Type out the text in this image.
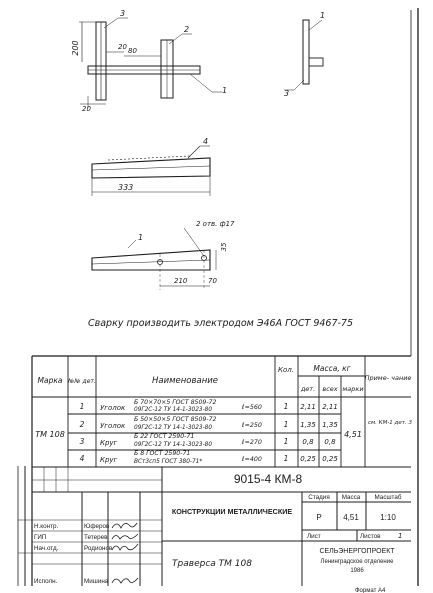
200	20 80
20
3
2
1
1
3
4
333
1
2 отв. ф17
35
210	70
Сварку производить электродом Э46А ГОСТ 9467-75
Марка №№ дет.	Наименование
Кол.	Масса, кг
дет. всех марки
Приме- чание
ТМ 108	4,51
1 Уголок
Б 70×70×5 ГОСТ 8509-72
09Г2С-12 ТУ 14-1-3023-80	ℓ=560	1 2,11 2,11
2 Уголок
Б 50×50×5 ГОСТ 8509-72
09Г2С-12 ТУ 14-1-3023-80	ℓ=250	1 1,35 1,35	см. КМ-1 дет. 3
3 Круг
Б 22 ГОСТ 2590-71
09Г2С-12 ТУ 14-1-3023-80	ℓ=270	1 0,8 0,8
4 Круг
Б 8 ГОСТ 2590-71
ВСт3сп5 ГОСТ 380-71*	ℓ=400	1 0,25 0,25
9015-4 КМ-8
КОНСТРУКЦИИ МЕТАЛЛИЧЕСКИЕ
Траверса ТМ 108
Стадия Масса Масштаб
Р	4,51	1:10
Лист	Листов	1
СЕЛЬЭНЕРГОПРОЕКТ
Ленинградское отделение
1986
Н.контр.	Юферов
ГИП	Тетерев
Нач.отд.	Родионов
Исполн.	Мишина
Формат А4
